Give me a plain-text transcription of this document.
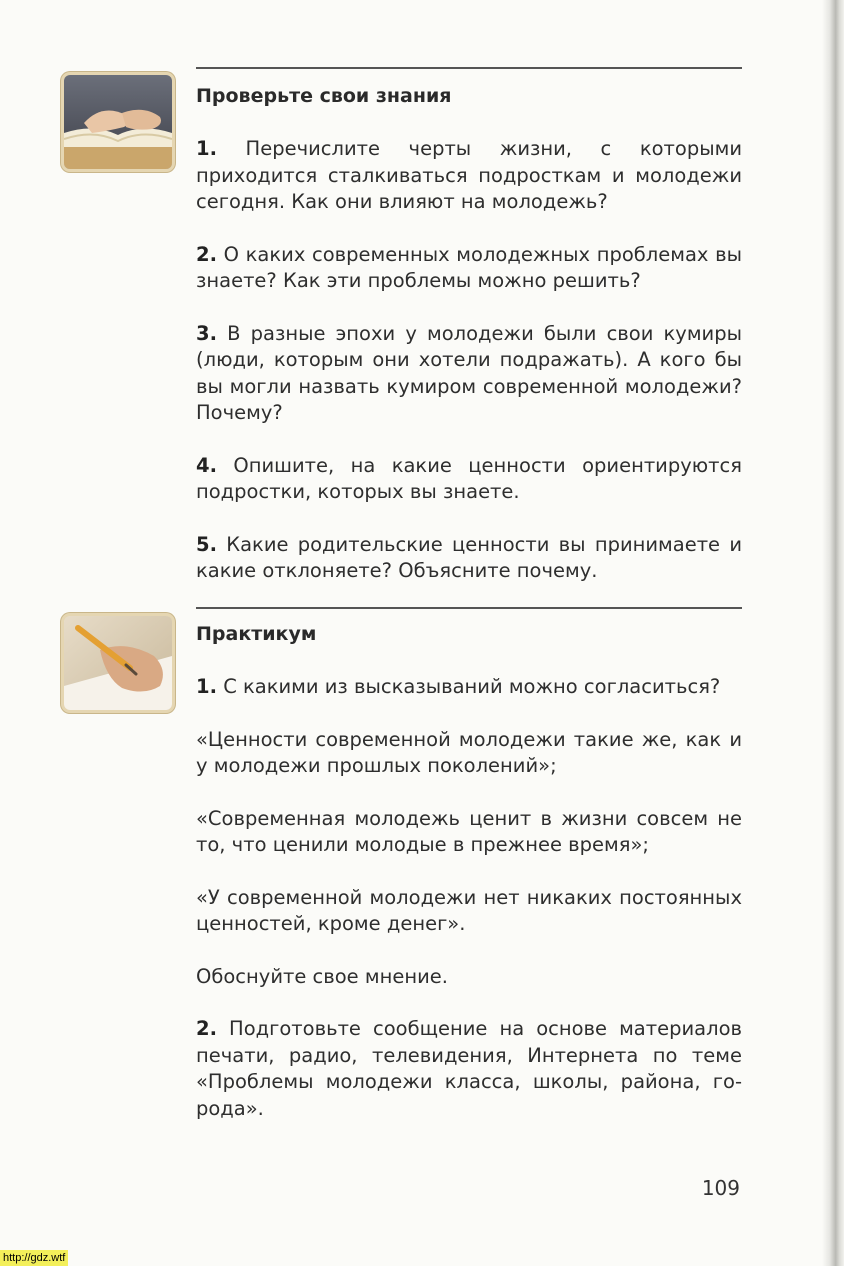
Проверьте свои знания

1. Перечислите черты жизни, с которыми приходится сталкиваться подросткам и молодежи сегодня. Как они влияют на молодежь?

2. О каких современных молодежных проблемах вы знаете? Как эти проблемы можно решить?

3. В разные эпохи у молодежи были свои кумиры (люди, которым они хотели подражать). А кого бы вы могли назвать кумиром современной молодежи? Почему?

4. Опишите, на какие ценности ориентируются подростки, которых вы знаете.

5. Какие родительские ценности вы принимаете и какие отклоняете? Объясните почему.

Практикум

1. С какими из высказываний можно согласиться?

«Ценности современной молодежи такие же, как и у молодежи прошлых поколений»;

«Современная молодежь ценит в жизни совсем не то, что ценили молодые в прежнее время»;

«У современной молодежи нет никаких постоянных ценностей, кроме денег».

Обоснуйте свое мнение.

2. Подготовьте сообщение на основе материалов печати, радио, телевидения, Интернета по теме «Проблемы молодежи класса, школы, района, города».

109
http://gdz.wtf
